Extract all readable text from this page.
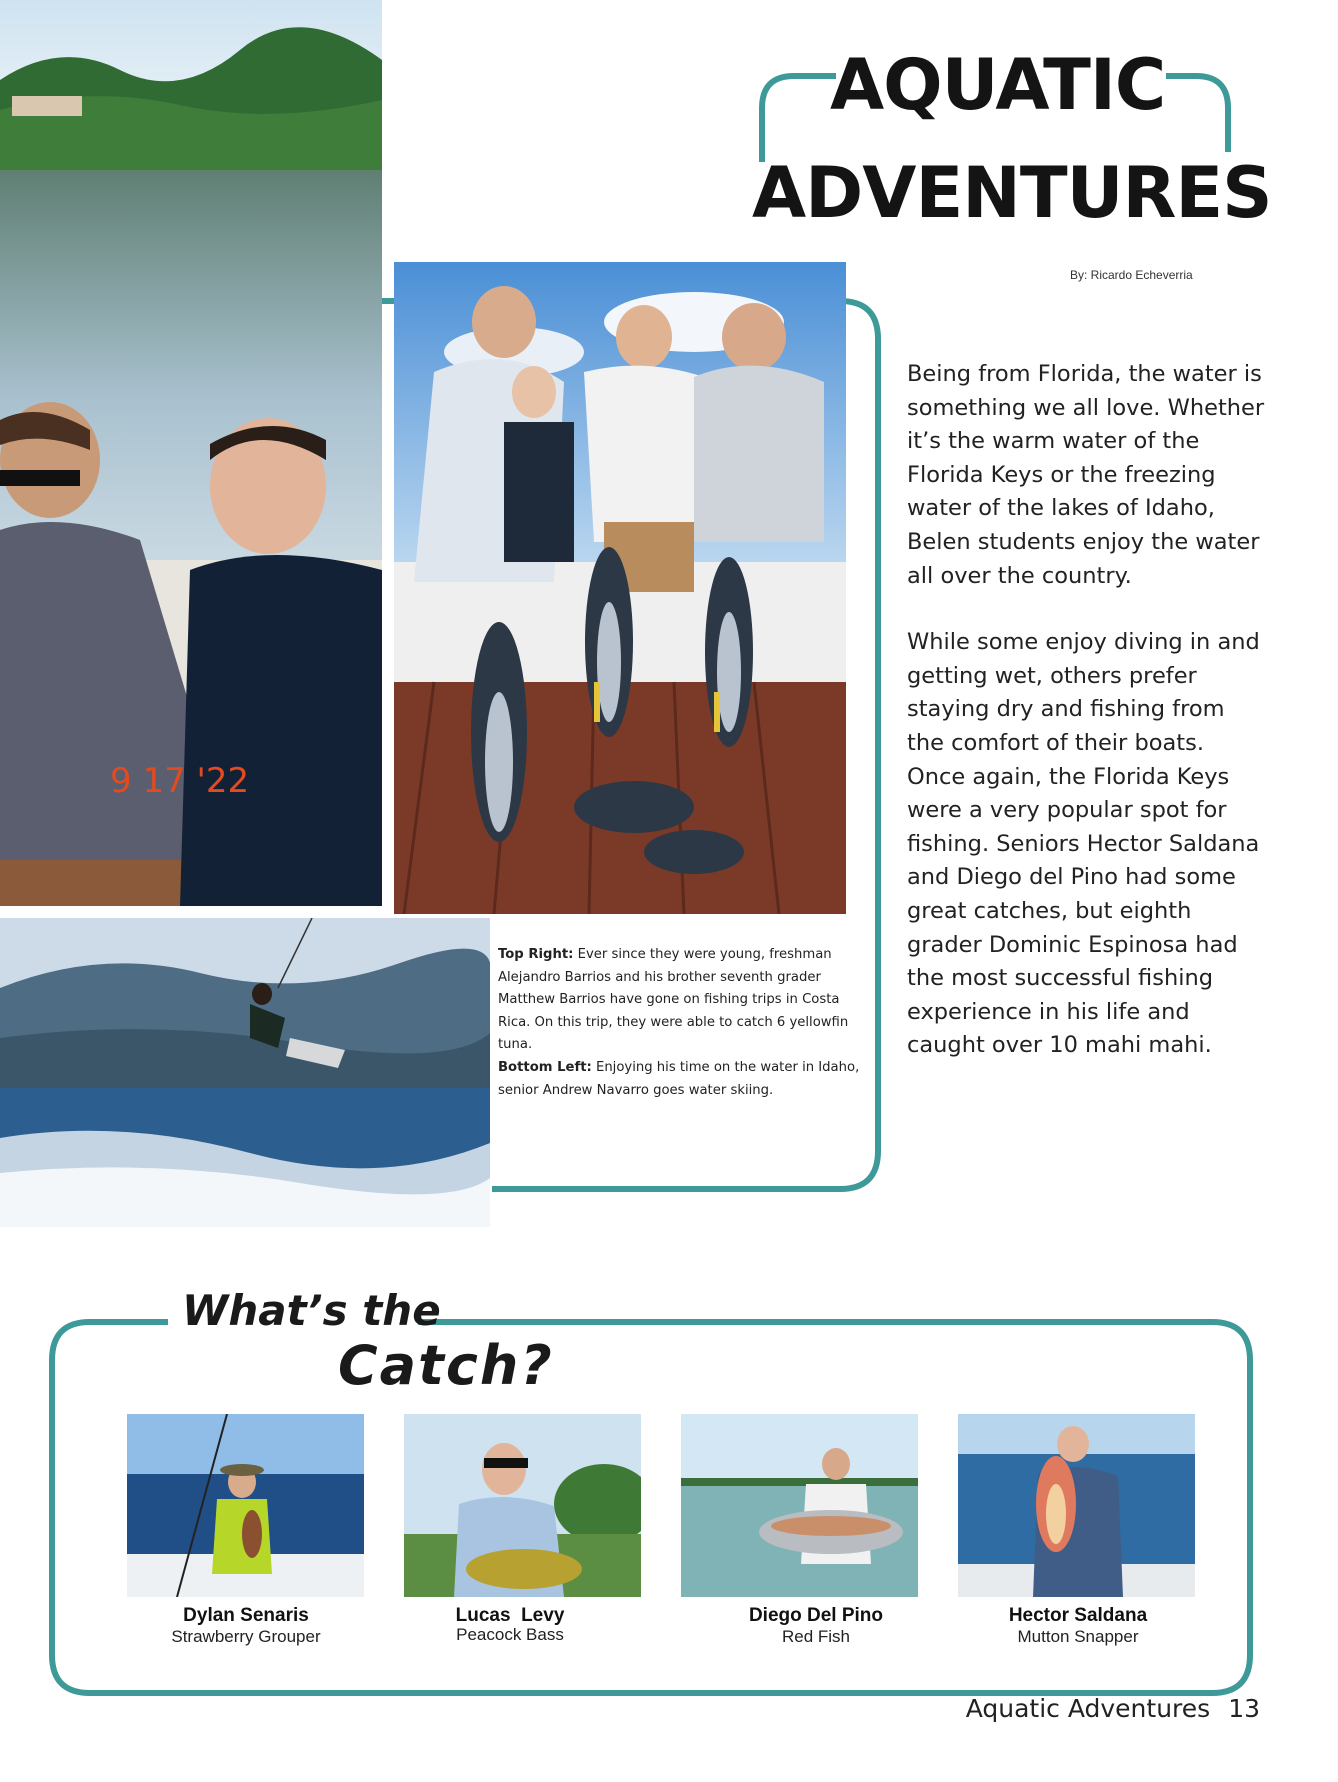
AQUATIC
ADVENTURES
By: Ricardo Echeverria
9 17 '22
Top Right: Ever since they were young, freshman Alejandro Barrios and his brother seventh grader Matthew Barrios have gone on fishing trips in Costa Rica. On this trip, they were able to catch 6 yellowfin tuna.
Bottom Left: Enjoying his time on the water in Idaho, senior Andrew Navarro goes water skiing.

Being from Florida, the water is something we all love. Whether it’s the warm water of the Florida Keys or the freezing water of the lakes of Idaho, Belen students enjoy the water all over the country.

While some enjoy diving in and getting wet, others prefer staying dry and fishing from the comfort of their boats. Once again, the Florida Keys were a very popular spot for fishing. Seniors Hector Saldana and Diego del Pino had some great catches, but eighth grader Dominic Espinosa had the most successful fishing experience in his life and caught over 10 mahi mahi.

What’s the
Catch?
Dylan Senaris
Strawberry Grouper
Lucas  Levy
Peacock Bass
Diego Del Pino
Red Fish
Hector Saldana
Mutton Snapper
Aquatic Adventures 13
